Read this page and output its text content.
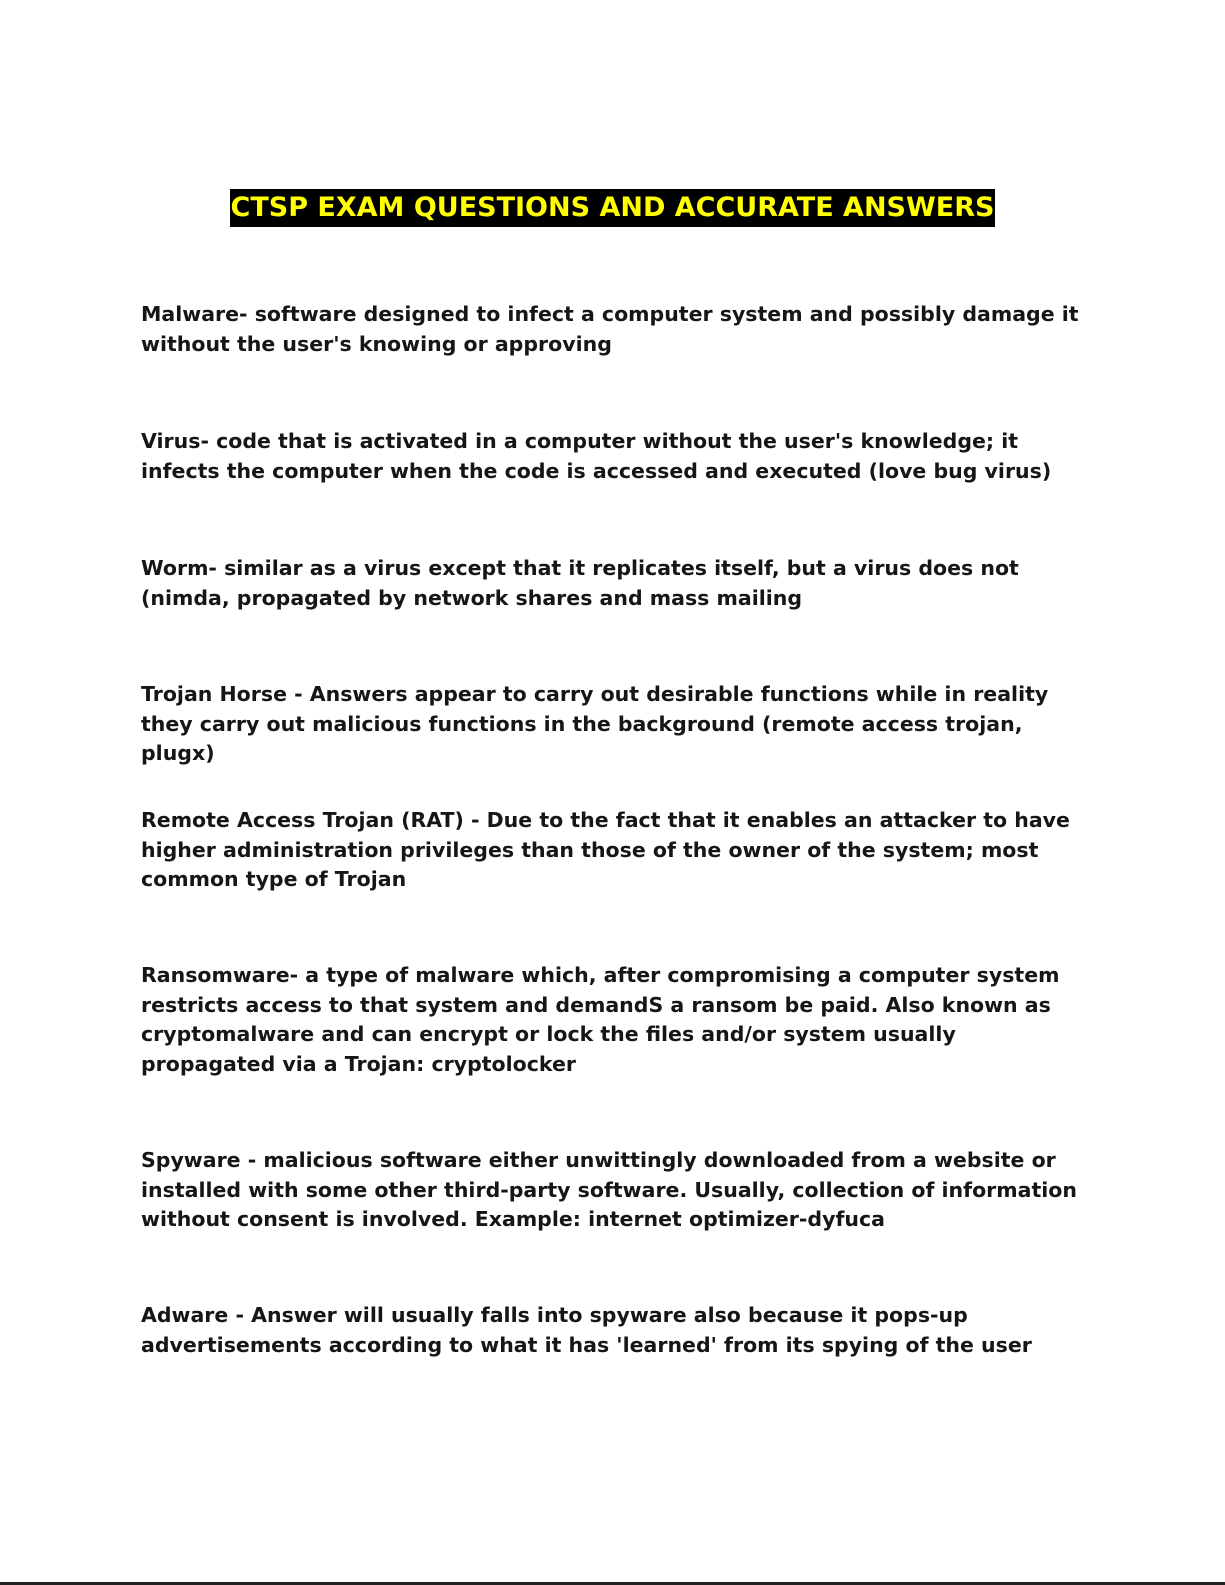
CTSP EXAM QUESTIONS AND ACCURATE ANSWERS

Malware- software designed to infect a computer system and possibly damage it without the user's knowing or approving

Virus- code that is activated in a computer without the user's knowledge; it infects the computer when the code is accessed and executed (love bug virus)

Worm- similar as a virus except that it replicates itself, but a virus does not (nimda, propagated by network shares and mass mailing

Trojan Horse - Answers appear to carry out desirable functions while in reality they carry out malicious functions in the background (remote access trojan, plugx)

Remote Access Trojan (RAT) - Due to the fact that it enables an attacker to have higher administration privileges than those of the owner of the system; most common type of Trojan

Ransomware- a type of malware which, after compromising a computer system restricts access to that system and demandS a ransom be paid. Also known as cryptomalware and can encrypt or lock the files and/or system usually propagated via a Trojan: cryptolocker

Spyware - malicious software either unwittingly downloaded from a website or installed with some other third-party software. Usually, collection of information without consent is involved. Example: internet optimizer-dyfuca

Adware - Answer will usually falls into spyware also because it pops-up advertisements according to what it has 'learned' from its spying of the user
